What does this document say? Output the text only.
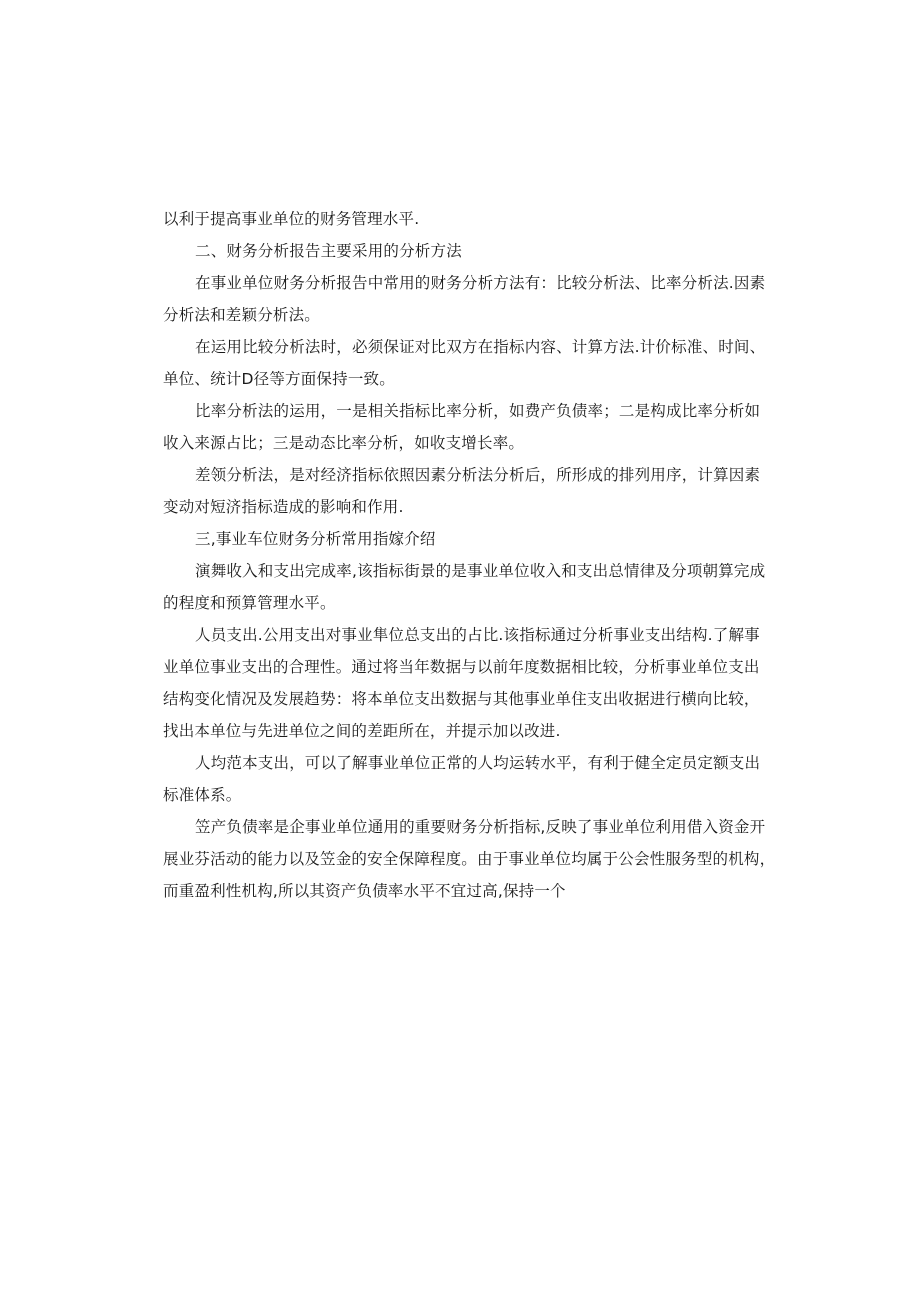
以利于提高事业单位的财务管理水平.
二、财务分析报告主要采用的分析方法
在事业单位财务分析报告中常用的财务分析方法有：比较分析法、比率分析法.因素
分析法和差颖分析法。
在运用比较分析法时，必须保证对比双方在指标内容、计算方法.计价标准、时间、
单位、统计D径等方面保持一致。
比率分析法的运用，一是相关指标比率分析，如费产负债率；二是构成比率分析如
收入来源占比；三是动态比率分析，如收支增长率。
差领分析法，是对经济指标依照因素分析法分析后，所形成的排列用序，计算因素
变动对短济指标造成的影响和作用.
三,事业车位财务分析常用指嫁介绍
演舞收入和支出完成率,该指标街景的是事业单位收入和支出总情律及分项朝算完成
的程度和预算管理水平。
人员支出.公用支出对事业隼位总支出的占比.该指标通过分析事业支出结构.了解事
业单位事业支出的合理性。通过将当年数据与以前年度数据相比较，分析事业单位支出
结构变化情况及发展趋势：将本单位支出数据与其他事业单住支出收据进行横向比较，
找出本单位与先进单位之间的差距所在，并提示加以改进.
人均范本支出，可以了解事业单位正常的人均运转水平，有利于健全定员定额支出
标准体系。
笠产负债率是企事业单位通用的重要财务分析指标,反映了事业单位利用借入资金开
展业芬活动的能力以及笠金的安全保障程度。由于事业单位均属于公会性服务型的机构，
而重盈利性机构,所以其资产负债率水平不宜过高,保持一个
